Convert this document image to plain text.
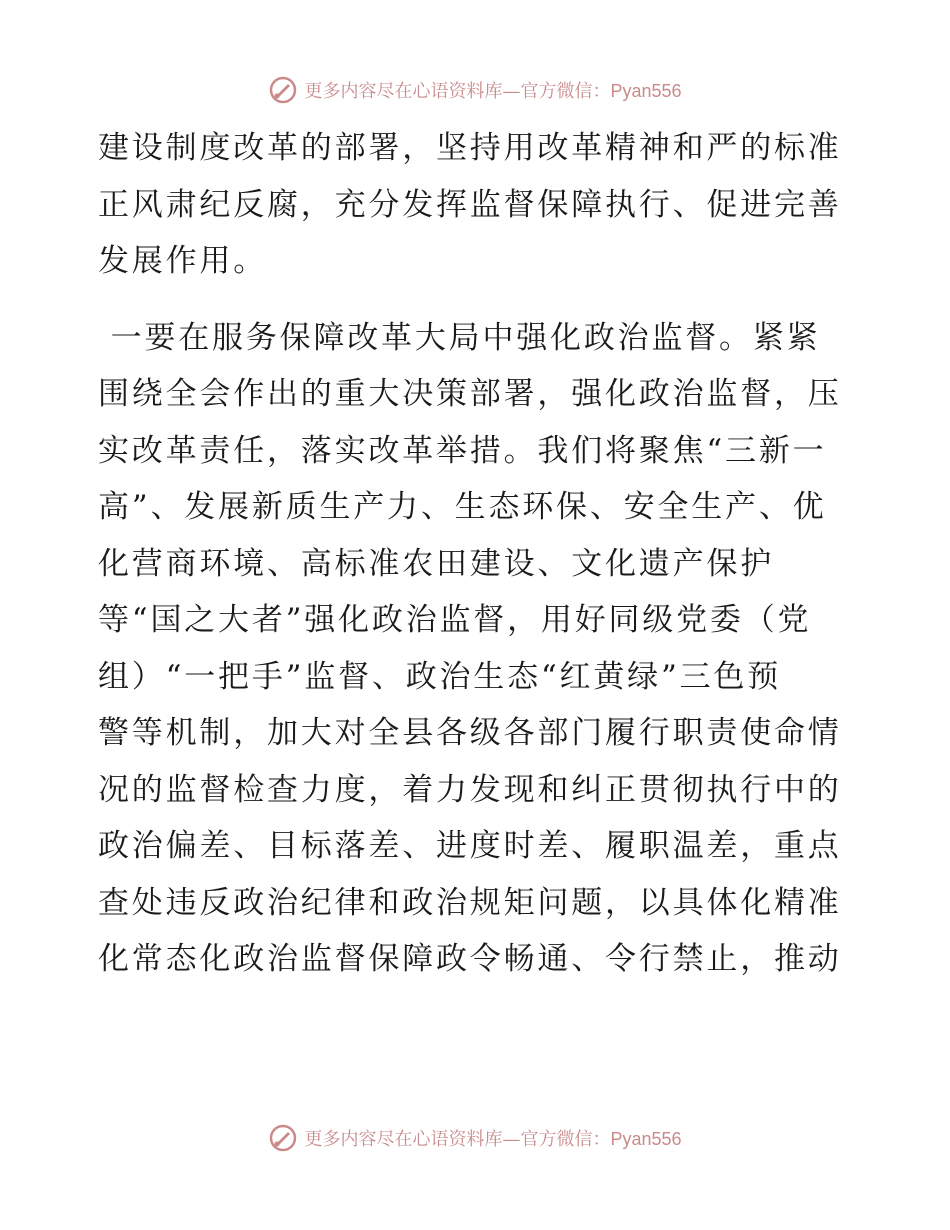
更多内容尽在心语资料库—官方微信：Pyan556
建设制度改革的部署，坚持用改革精神和严的标准
正风肃纪反腐，充分发挥监督保障执行、促进完善
发展作用。
一要在服务保障改革大局中强化政治监督。紧紧
围绕全会作出的重大决策部署，强化政治监督，压
实改革责任，落实改革举措。我们将聚焦“三新一
高”、发展新质生产力、生态环保、安全生产、优
化营商环境、高标准农田建设、文化遗产保护
等“国之大者”强化政治监督，用好同级党委（党
组）“一把手”监督、政治生态“红黄绿”三色预
警等机制，加大对全县各级各部门履行职责使命情
况的监督检查力度，着力发现和纠正贯彻执行中的
政治偏差、目标落差、进度时差、履职温差，重点
查处违反政治纪律和政治规矩问题，以具体化精准
化常态化政治监督保障政令畅通、令行禁止，推动
更多内容尽在心语资料库—官方微信：Pyan556
